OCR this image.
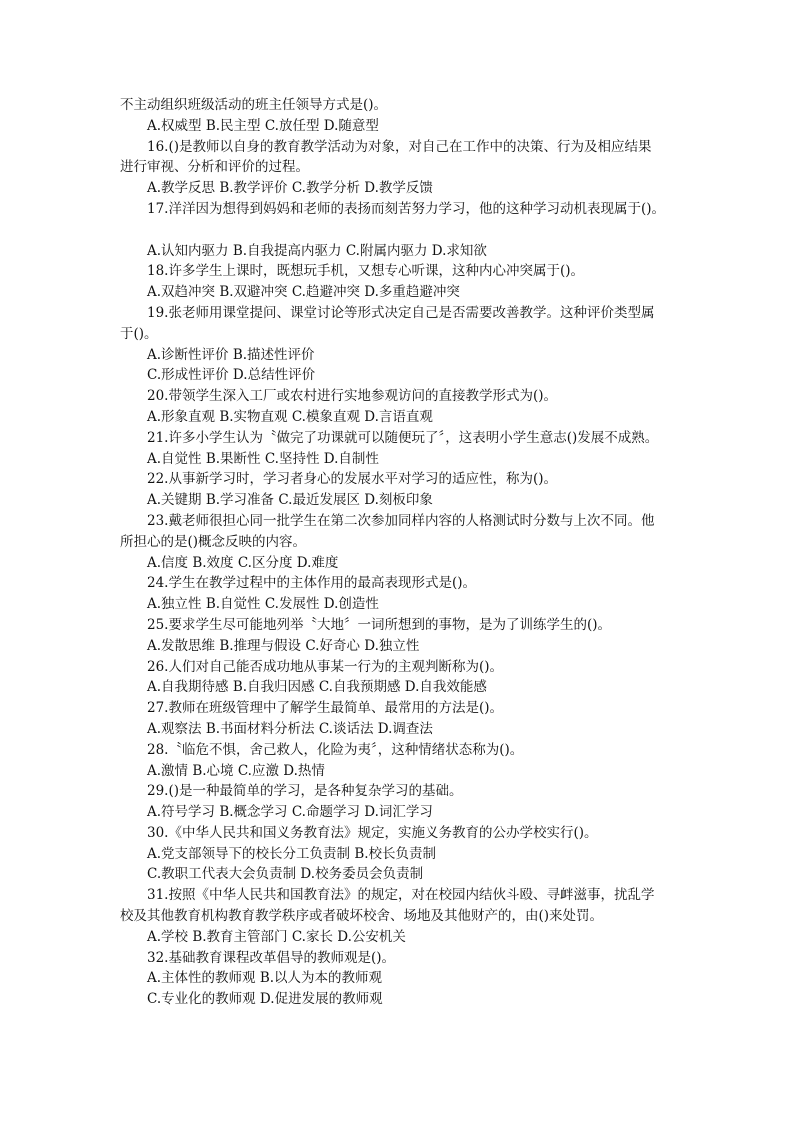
不主动组织班级活动的班主任领导方式是()。
A.权威型 B.民主型 C.放任型 D.随意型
16.()是教师以自身的教育教学活动为对象，对自己在工作中的决策、行为及相应结果
进行审视、分析和评价的过程。
A.教学反思 B.教学评价 C.教学分析 D.教学反馈
17.洋洋因为想得到妈妈和老师的表扬而刻苦努力学习，他的这种学习动机表现属于()。
A.认知内驱力 B.自我提高内驱力 C.附属内驱力 D.求知欲
18.许多学生上课时，既想玩手机，又想专心听课，这种内心冲突属于()。
A.双趋冲突 B.双避冲突 C.趋避冲突 D.多重趋避冲突
19.张老师用课堂提问、课堂讨论等形式决定自己是否需要改善教学。这种评价类型属
于()。
A.诊断性评价 B.描述性评价
C.形成性评价 D.总结性评价
20.带领学生深入工厂或农村进行实地参观访问的直接教学形式为()。
A.形象直观 B.实物直观 C.模象直观 D.言语直观
21.许多小学生认为〝做完了功课就可以随便玩了〞，这表明小学生意志()发展不成熟。
A.自觉性 B.果断性 C.坚持性 D.自制性
22.从事新学习时，学习者身心的发展水平对学习的适应性，称为()。
A.关键期 B.学习准备 C.最近发展区 D.刻板印象
23.戴老师很担心同一批学生在第二次参加同样内容的人格测试时分数与上次不同。他
所担心的是()概念反映的内容。
A.信度 B.效度 C.区分度 D.难度
24.学生在教学过程中的主体作用的最高表现形式是()。
A.独立性 B.自觉性 C.发展性 D.创造性
25.要求学生尽可能地列举〝大地〞一词所想到的事物，是为了训练学生的()。
A.发散思维 B.推理与假设 C.好奇心 D.独立性
26.人们对自己能否成功地从事某一行为的主观判断称为()。
A.自我期待感 B.自我归因感 C.自我预期感 D.自我效能感
27.教师在班级管理中了解学生最简单、最常用的方法是()。
A.观察法 B.书面材料分析法 C.谈话法 D.调查法
28.〝临危不惧，舍己救人，化险为夷〞，这种情绪状态称为()。
A.激情 B.心境 C.应激 D.热情
29.()是一种最简单的学习，是各种复杂学习的基础。
A.符号学习 B.概念学习 C.命题学习 D.词汇学习
30.《中华人民共和国义务教育法》规定，实施义务教育的公办学校实行()。
A.党支部领导下的校长分工负责制 B.校长负责制
C.教职工代表大会负责制 D.校务委员会负责制
31.按照《中华人民共和国教育法》的规定，对在校园内结伙斗殴、寻衅滋事，扰乱学
校及其他教育机构教育教学秩序或者破坏校舍、场地及其他财产的，由()来处罚。
A.学校 B.教育主管部门 C.家长 D.公安机关
32.基础教育课程改革倡导的教师观是()。
A.主体性的教师观 B.以人为本的教师观
C.专业化的教师观 D.促进发展的教师观
